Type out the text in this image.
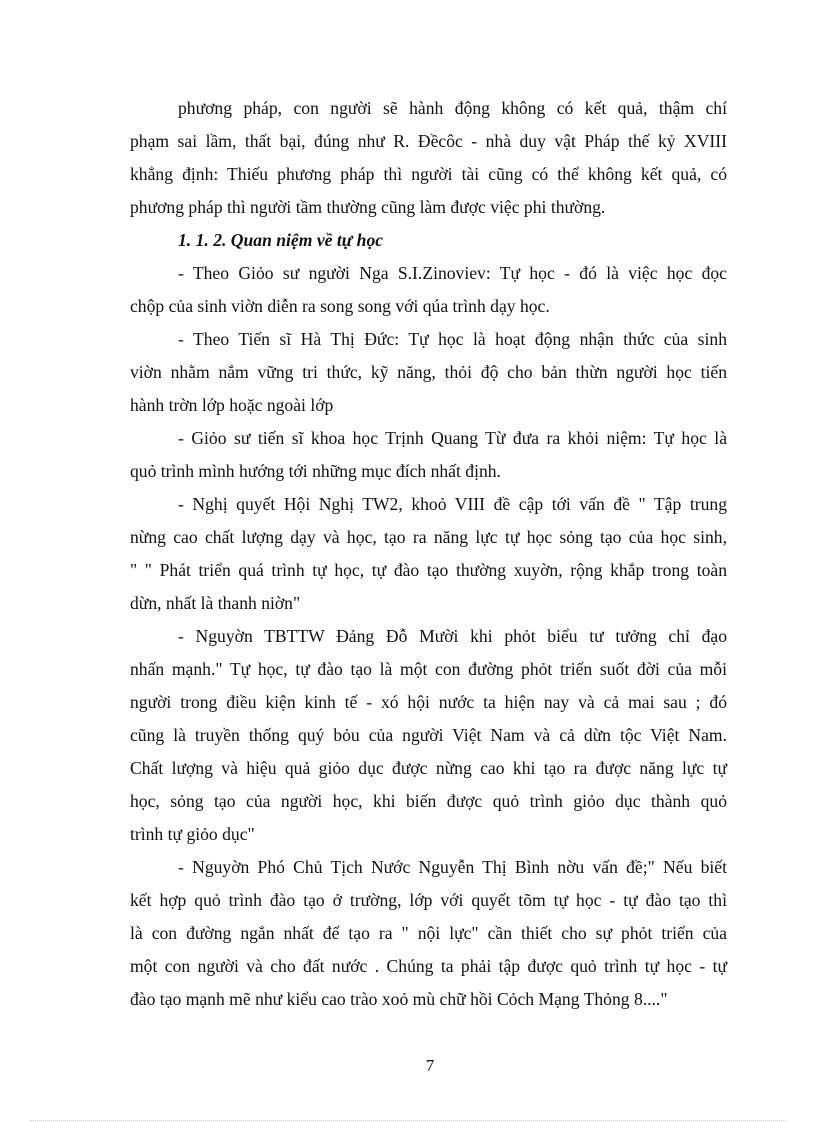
phương pháp, con người sẽ hành động không có kết quả, thậm chí
phạm sai lầm, thất bại, đúng như R. Đềcôc - nhà duy vật Pháp thế kỷ XVIII
khẳng định: Thiếu phương pháp thì người tài cũng có thể không kết quả, có
phương pháp thì người tầm thường cũng làm được việc phi thường.
1. 1. 2. Quan niệm về tự học
- Theo Giỏo sư người Nga S.I.Zinoviev: Tự học - đó là việc học đọc
chộp của sinh viờn diễn ra song song với qúa trình dạy học.
- Theo Tiến sĩ Hà Thị Đức: Tự học là hoạt động nhận thức của sinh
viờn nhằm nắm vững tri thức, kỹ năng, thỏi độ cho bản thừn người học tiến
hành trờn lớp hoặc ngoài lớp
- Giỏo sư tiến sĩ khoa học Trịnh Quang Từ đưa ra khỏi niệm: Tự học là
quỏ trình mình hướng tới những mục đích nhất định.
- Nghị quyết Hội Nghị TW2, khoỏ VIII đề cập tới vấn đề " Tập trung
nừng cao chất lượng dạy và học, tạo ra năng lực tự học sỏng tạo của học sinh,
" " Phát triển quá trình tự học, tự đào tạo thường xuyờn, rộng khắp trong toàn
dừn, nhất là thanh niờn"
- Nguyờn TBTTW Đảng Đỗ Mười khi phỏt biểu tư tưởng chỉ đạo
nhấn mạnh." Tự học, tự đào tạo là một con đường phỏt triển suốt đời của mỗi
người trong điều kiện kinh tế - xó hội nước ta hiện nay và cả mai sau ; đó
cũng là truyền thống quý bỏu của người Việt Nam và cả dừn tộc Việt Nam.
Chất lượng và hiệu quả giỏo dục được nừng cao khi tạo ra được năng lực tự
học, sỏng tạo của người học, khi biến được quỏ trình giỏo dục thành quỏ
trình tự giỏo dục"
- Nguyờn Phó Chủ Tịch Nước Nguyễn Thị Bình nờu vấn đề;" Nếu biết
kết hợp quỏ trình đào tạo ở trường, lớp với quyết tõm tự học - tự đào tạo thì
là con đường ngắn nhất để tạo ra " nội lực" cần thiết cho sự phỏt triển của
một con người và cho đất nước . Chúng ta phải tập được quỏ trình tự học - tự
đào tạo mạnh mẽ như kiểu cao trào xoỏ mù chữ hồi Cỏch Mạng Thỏng 8...."
7
